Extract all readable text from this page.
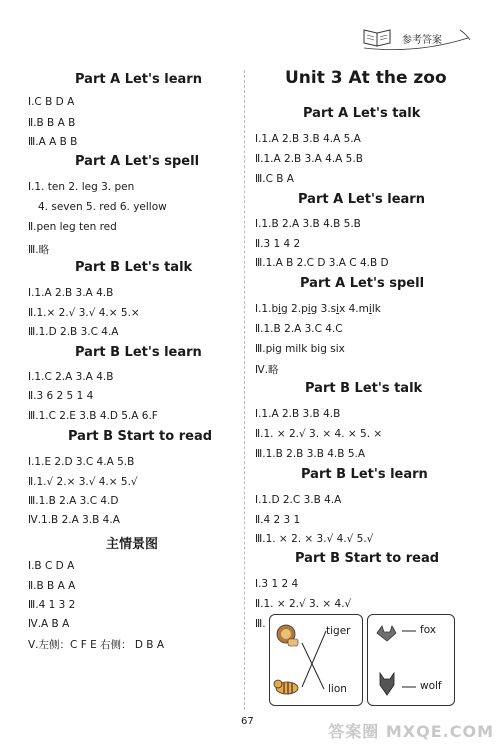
参考答案
Part A Let's learn
Ⅰ.C B D A
Ⅱ.B B A B
Ⅲ.A A B B
Part A Let's spell
Ⅰ.1. ten 2. leg 3. pen
4. seven 5. red 6. yellow
Ⅱ.pen leg ten red
Ⅲ.略
Part B Let's talk
Ⅰ.1.A 2.B 3.A 4.B
Ⅱ.1.× 2.√ 3.√ 4.× 5.×
Ⅲ.1.D 2.B 3.C 4.A
Part B Let's learn
Ⅰ.1.C 2.A 3.A 4.B
Ⅱ.3 6 2 5 1 4
Ⅲ.1.C 2.E 3.B 4.D 5.A 6.F
Part B Start to read
Ⅰ.1.E 2.D 3.C 4.A 5.B
Ⅱ.1.√ 2.× 3.√ 4.× 5.√
Ⅲ.1.B 2.A 3.C 4.D
Ⅳ.1.B 2.A 3.B 4.A
主情景图
Ⅰ.B C D A
Ⅱ.B B A A
Ⅲ.4 1 3 2
Ⅳ.A B A
Ⅴ.左侧：C F E 右侧： D B A
Unit 3 At the zoo
Part A Let's talk
Ⅰ.1.A 2.B 3.B 4.A 5.A
Ⅱ.1.A 2.B 3.A 4.A 5.B
Ⅲ.C B A
Part A Let's learn
Ⅰ.1.B 2.A 3.B 4.B 5.B
Ⅱ.3 1 4 2
Ⅲ.1.A B 2.C D 3.A C 4.B D
Part A Let's spell
Ⅰ.1.big 2.pig 3.six 4.milk
Ⅱ.1.B 2.A 3.C 4.C
Ⅲ.pig milk big six
Ⅳ.略
Part B Let's talk
Ⅰ.1.A 2.B 3.B 4.B
Ⅱ.1. × 2.√ 3. × 4. × 5. ×
Ⅲ.1.B 2.B 3.B 4.B 5.A
Part B Let's learn
Ⅰ.1.D 2.C 3.B 4.A
Ⅱ.4 2 3 1
Ⅲ.1. × 2. × 3.√ 4.√ 5.√
Part B Start to read
Ⅰ.3 1 2 4
Ⅱ.1. × 2.√ 3. × 4.√
Ⅲ.
tiger
lion
fox
wolf
67
答案圈 MXQE.COM
